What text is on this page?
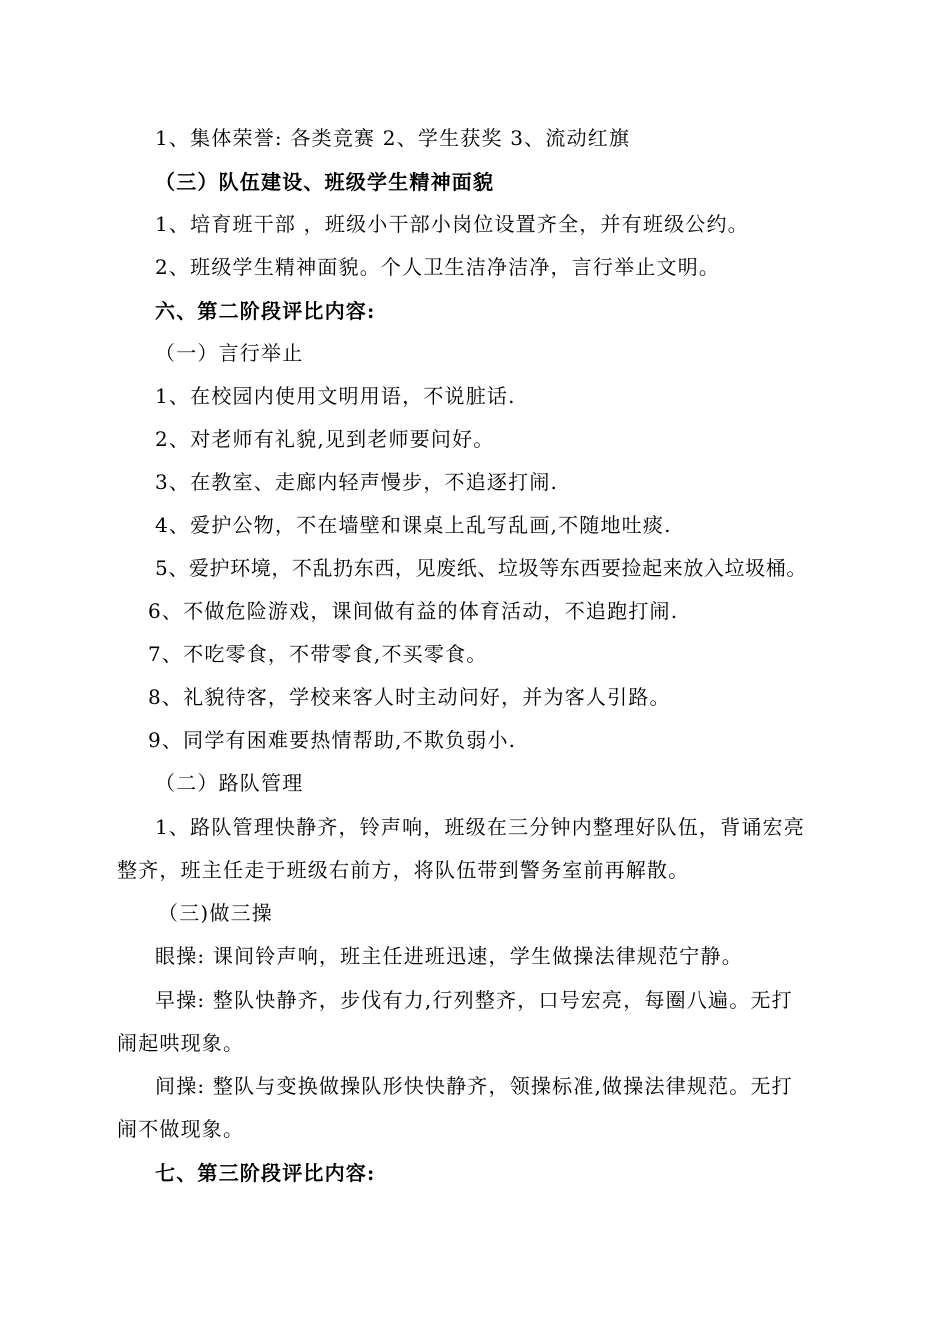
1、集体荣誉: 各类竞赛 2、学生获奖 3、流动红旗
（三）队伍建设、班级学生精神面貌
1、培育班干部 ，班级小干部小岗位设置齐全，并有班级公约。
2、班级学生精神面貌。个人卫生洁净洁净，言行举止文明。
六、第二阶段评比内容:
（一）言行举止
1、在校园内使用文明用语，不说脏话.
2、对老师有礼貌,见到老师要问好。
3、在教室、走廊内轻声慢步，不追逐打闹.
4、爱护公物，不在墙壁和课桌上乱写乱画,不随地吐痰.
5、爱护环境，不乱扔东西，见废纸、垃圾等东西要捡起来放入垃圾桶。
6、不做危险游戏，课间做有益的体育活动，不追跑打闹.
7、不吃零食，不带零食,不买零食。
8、礼貌待客，学校来客人时主动问好，并为客人引路。
9、同学有困难要热情帮助,不欺负弱小.
（二）路队管理
1、路队管理快静齐，铃声响，班级在三分钟内整理好队伍，背诵宏亮
整齐，班主任走于班级右前方，将队伍带到警务室前再解散。
（三)做三操
眼操: 课间铃声响，班主任进班迅速，学生做操法律规范宁静。
早操: 整队快静齐，步伐有力,行列整齐，口号宏亮，每圈八遍。无打
闹起哄现象。
间操: 整队与变换做操队形快快静齐，领操标准,做操法律规范。无打
闹不做现象。
七、第三阶段评比内容:
